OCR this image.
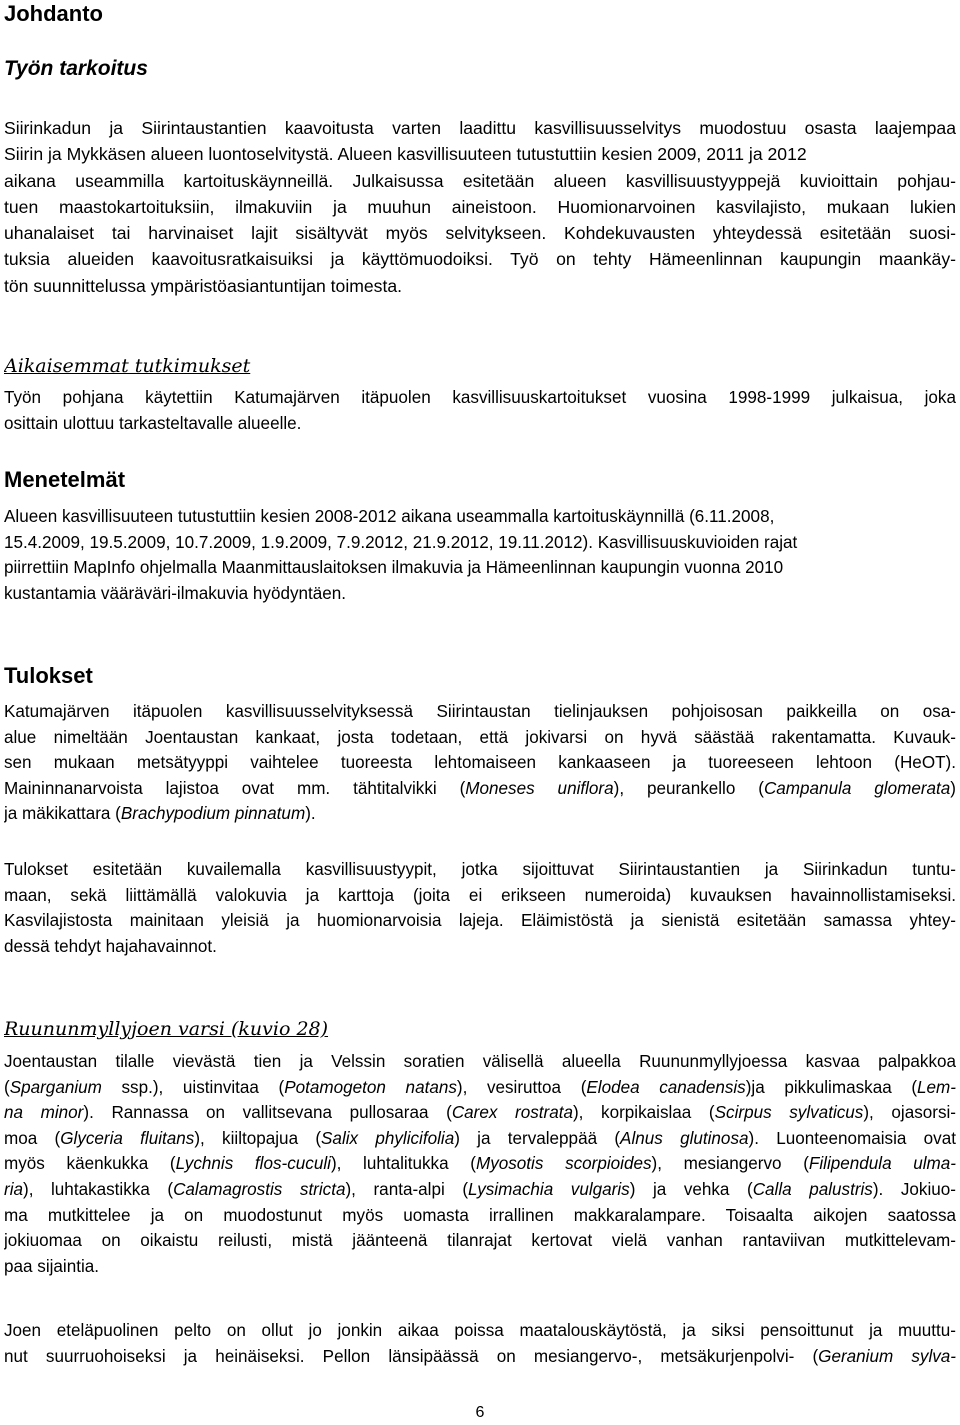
Johdanto
Työn tarkoitus
Siirinkadun ja Siirintaustantien kaavoitusta varten laadittu kasvillisuusselvitys muodostuu osasta laajempaa
Siirin ja Mykkäsen alueen luontoselvitystä. Alueen kasvillisuuteen tutustuttiin kesien 2009, 2011 ja 2012
aikana useammilla kartoituskäynneillä. Julkaisussa esitetään alueen kasvillisuustyyppejä kuvioittain pohjau-
tuen maastokartoituksiin, ilmakuviin ja muuhun aineistoon. Huomionarvoinen kasvilajisto, mukaan lukien
uhanalaiset tai harvinaiset lajit sisältyvät myös selvitykseen. Kohdekuvausten yhteydessä esitetään suosi-
tuksia alueiden kaavoitusratkaisuiksi ja käyttömuodoiksi. Työ on tehty Hämeenlinnan kaupungin maankäy-
tön suunnittelussa ympäristöasiantuntijan toimesta.
Aikaisemmat tutkimukset
Työn pohjana käytettiin Katumajärven itäpuolen kasvillisuuskartoitukset vuosina 1998-1999 julkaisua, joka
osittain ulottuu tarkasteltavalle alueelle.
Menetelmät
Alueen kasvillisuuteen tutustuttiin kesien 2008-2012 aikana useammalla kartoituskäynnillä (6.11.2008,
15.4.2009, 19.5.2009, 10.7.2009, 1.9.2009, 7.9.2012, 21.9.2012, 19.11.2012). Kasvillisuuskuvioiden rajat
piirrettiin MapInfo ohjelmalla Maanmittauslaitoksen ilmakuvia ja Hämeenlinnan kaupungin vuonna 2010
kustantamia vääräväri-ilmakuvia hyödyntäen.
Tulokset
Katumajärven itäpuolen kasvillisuusselvityksessä Siirintaustan tielinjauksen pohjoisosan paikkeilla on osa-
alue nimeltään Joentaustan kankaat, josta todetaan, että jokivarsi on hyvä säästää rakentamatta. Kuvauk-
sen mukaan metsätyyppi vaihtelee tuoreesta lehtomaiseen kankaaseen ja tuoreeseen lehtoon (HeOT).
Maininnanarvoista lajistoa ovat mm. tähtitalvikki (Moneses uniflora), peurankello (Campanula glomerata)
ja mäkikattara (Brachypodium pinnatum).
Tulokset esitetään kuvailemalla kasvillisuustyypit, jotka sijoittuvat Siirintaustantien ja Siirinkadun tuntu-
maan, sekä liittämällä valokuvia ja karttoja (joita ei erikseen numeroida) kuvauksen havainnollistamiseksi.
Kasvilajistosta mainitaan yleisiä ja huomionarvoisia lajeja. Eläimistöstä ja sienistä esitetään samassa yhtey-
dessä tehdyt hajahavainnot.
Ruununmyllyjoen varsi (kuvio 28)
Joentaustan tilalle vievästä tien ja Velssin soratien välisellä alueella Ruununmyllyjoessa kasvaa palpakkoa
(Sparganium ssp.), uistinvitaa (Potamogeton natans), vesiruttoa (Elodea canadensis)ja pikkulimaskaa (Lem-
na minor). Rannassa on vallitsevana pullosaraa (Carex rostrata), korpikaislaa (Scirpus sylvaticus), ojasorsi-
moa (Glyceria fluitans), kiiltopajua (Salix phylicifolia) ja tervaleppää (Alnus glutinosa). Luonteenomaisia ovat
myös käenkukka (Lychnis flos-cuculi), luhtalitukka (Myosotis scorpioides), mesiangervo (Filipendula ulma-
ria), luhtakastikka (Calamagrostis stricta), ranta-alpi (Lysimachia vulgaris) ja vehka (Calla palustris). Jokiuo-
ma mutkittelee ja on muodostunut myös uomasta irrallinen makkaralampare. Toisaalta aikojen saatossa
jokiuomaa on oikaistu reilusti, mistä jäänteenä tilanrajat kertovat vielä vanhan rantaviivan mutkittelevam-
paa sijaintia.
Joen eteläpuolinen pelto on ollut jo jonkin aikaa poissa maatalouskäytöstä, ja siksi pensoittunut ja muuttu-
nut suurruohoiseksi ja heinäiseksi. Pellon länsipäässä on mesiangervo-, metsäkurjenpolvi- (Geranium sylva-
6
